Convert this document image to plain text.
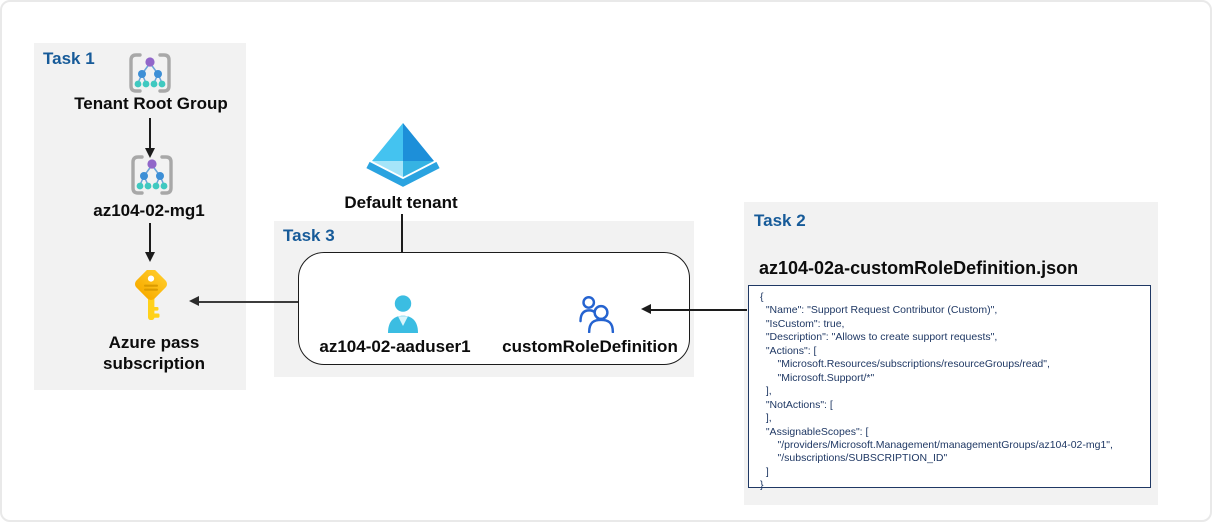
Task 1
Tenant Root Group
az104-02-mg1
Azure pass subscription
Default tenant
Task 3
az104-02-aaduser1	customRoleDefinition
Task 2
az104-02a-customRoleDefinition.json
{
"Name": "Support Request Contributor (Custom)",
"IsCustom": true,
"Description": "Allows to create support requests",
"Actions": [
"Microsoft.Resources/subscriptions/resourceGroups/read",
"Microsoft.Support/*"
],
"NotActions": [
],
"AssignableScopes": [
"/providers/Microsoft.Management/managementGroups/az104-02-mg1",
"/subscriptions/SUBSCRIPTION_ID"
]
}
